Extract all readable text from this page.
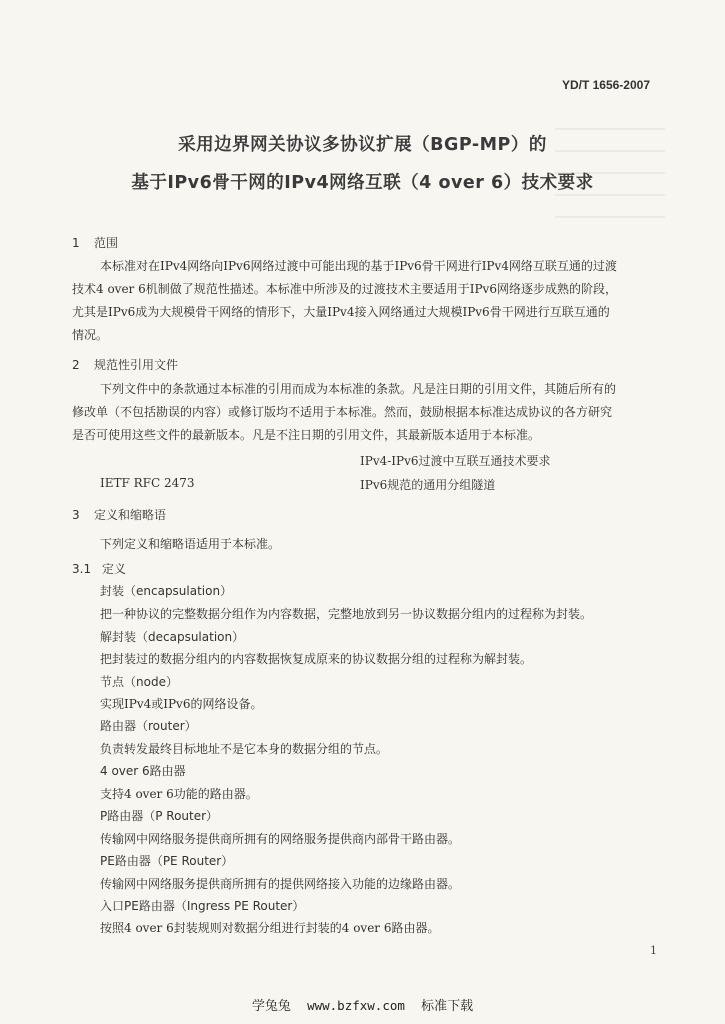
YD/T 1656-2007
采用边界网关协议多协议扩展（BGP-MP）的
基于IPv6骨干网的IPv4网络互联（4 over 6）技术要求
1 范围
本标准对在IPv4网络向IPv6网络过渡中可能出现的基于IPv6骨干网进行IPv4网络互联互通的过渡
技术4 over 6机制做了规范性描述。本标准中所涉及的过渡技术主要适用于IPv6网络逐步成熟的阶段，
尤其是IPv6成为大规模骨干网络的情形下，大量IPv4接入网络通过大规模IPv6骨干网进行互联互通的
情况。
2 规范性引用文件
下列文件中的条款通过本标准的引用而成为本标准的条款。凡是注日期的引用文件，其随后所有的
修改单（不包括勘误的内容）或修订版均不适用于本标准。然而，鼓励根据本标准达成协议的各方研究
是否可使用这些文件的最新版本。凡是不注日期的引用文件，其最新版本适用于本标准。
IPv4-IPv6过渡中互联互通技术要求
IETF RFC 2473	IPv6规范的通用分组隧道
3 定义和缩略语
下列定义和缩略语适用于本标准。
3.1 定义
封装（encapsulation）
把一种协议的完整数据分组作为内容数据，完整地放到另一协议数据分组内的过程称为封装。
解封装（decapsulation）
把封装过的数据分组内的内容数据恢复成原来的协议数据分组的过程称为解封装。
节点（node）
实现IPv4或IPv6的网络设备。
路由器（router）
负责转发最终目标地址不是它本身的数据分组的节点。
4 over 6路由器
支持4 over 6功能的路由器。
P路由器（P Router）
传输网中网络服务提供商所拥有的网络服务提供商内部骨干路由器。
PE路由器（PE Router）
传输网中网络服务提供商所拥有的提供网络接入功能的边缘路由器。
入口PE路由器（Ingress PE Router）
按照4 over 6封装规则对数据分组进行封装的4 over 6路由器。
1
学兔兔 www.bzfxw.com 标准下载
